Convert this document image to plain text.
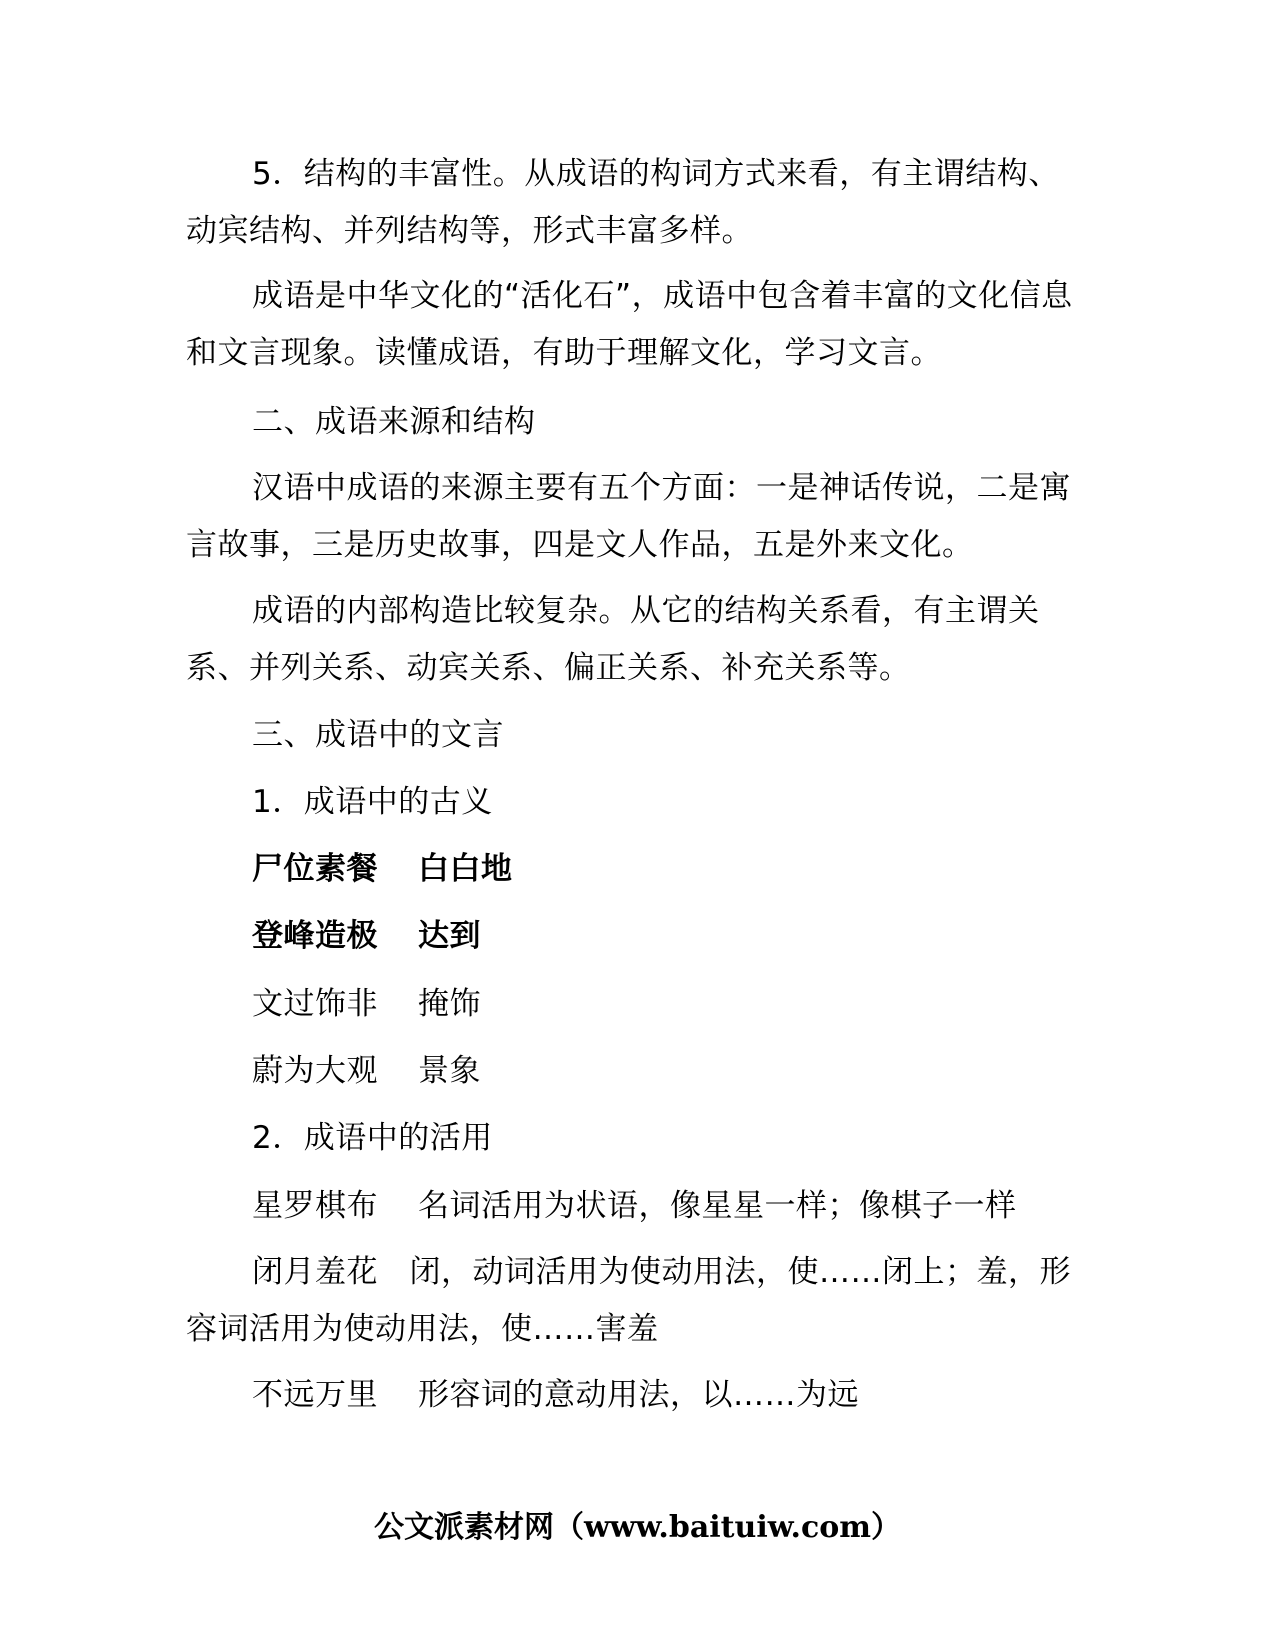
5．结构的丰富性。从成语的构词方式来看，有主谓结构、动宾结构、并列结构等，形式丰富多样。

成语是中华文化的“活化石”，成语中包含着丰富的文化信息和文言现象。读懂成语，有助于理解文化，学习文言。

二、成语来源和结构

汉语中成语的来源主要有五个方面：一是神话传说，二是寓言故事，三是历史故事，四是文人作品，五是外来文化。

成语的内部构造比较复杂。从它的结构关系看，有主谓关系、并列关系、动宾关系、偏正关系、补充关系等。

三、成语中的文言

1．成语中的古义

尸位素餐 白白地

登峰造极 达到

文过饰非 掩饰

蔚为大观 景象

2．成语中的活用

星罗棋布 名词活用为状语，像星星一样；像棋子一样

闭月羞花　 闭，动词活用为使动用法，使……闭上；羞，形容词活用为使动用法，使……害羞

不远万里 形容词的意动用法，以……为远

公文派素材网（www.baituiw.com）
